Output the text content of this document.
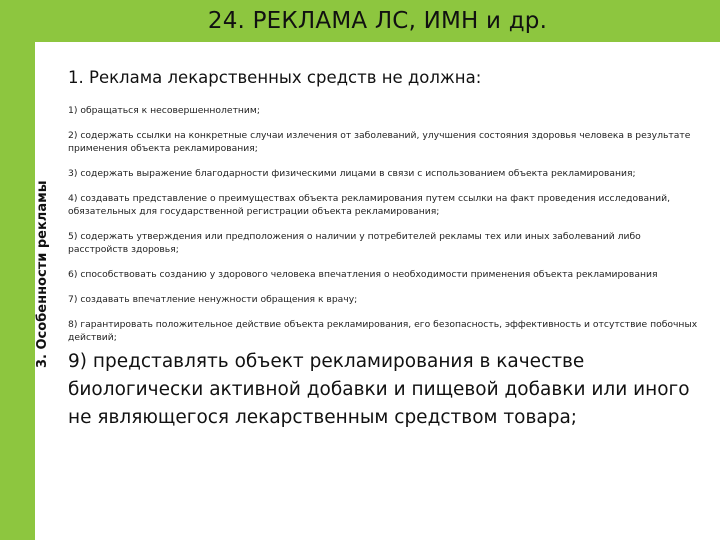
24. РЕКЛАМА ЛС, ИМН и др.
3. Особенности рекламы
1. Реклама лекарственных средств не должна:
1) обращаться к несовершеннолетним;
2) содержать ссылки на конкретные случаи излечения от заболеваний, улучшения состояния здоровья человека в результате применения объекта рекламирования;
3) содержать выражение благодарности физическими лицами в связи с использованием объекта рекламирования;
4) создавать представление о преимуществах объекта рекламирования путем ссылки на факт проведения исследований, обязательных для государственной регистрации объекта рекламирования;
5) содержать утверждения или предположения о наличии у потребителей рекламы тех или иных заболеваний либо расстройств здоровья;
6) способствовать созданию у здорового человека впечатления о необходимости применения объекта рекламирования
7) создавать впечатление ненужности обращения к врачу;
8) гарантировать положительное действие объекта рекламирования, его безопасность, эффективность и отсутствие побочных действий;
9) представлять объект рекламирования в качестве биологически активной добавки и пищевой добавки или иного не являющегося лекарственным средством товара;
